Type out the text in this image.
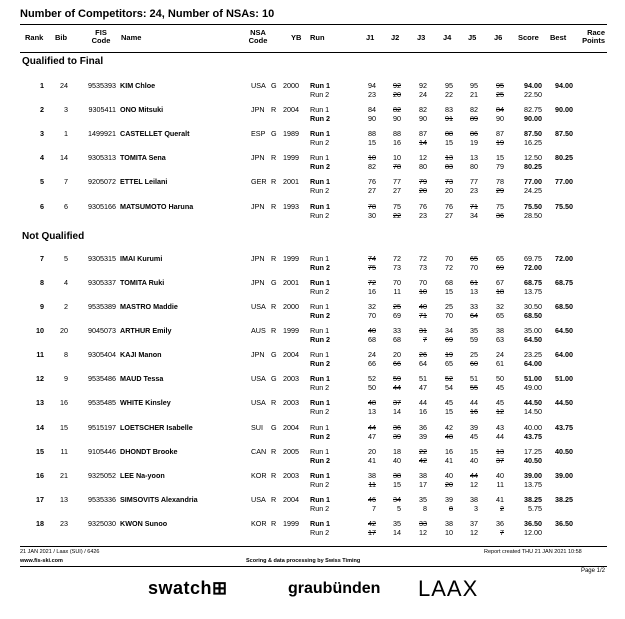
Number of Competitors: 24, Number of NSAs: 10
Rank Bib
FIS Code Name
NSA Code	YB Run	J1 J2 J3 J4 J5 J6 Score Best
Race Points
Qualified to Final
Not Qualified
1	24	9535393 KIM Chloe	USA G 2000	94.00
Run 1	94	92	92	95	95	95	94.00
Run 2	23	20	24	22	21	25	22.50
2	3	9305411 ONO Mitsuki	JPN R 2004	90.00
Run 1	84	82	82	83	82	84	82.75
Run 2	90	90	90	91	89	90	90.00
3	1	1499921 CASTELLET Queralt	ESP G 1989	87.50
Run 1	88	88	87	88	86	87	87.50
Run 2	15	16	14	15	19	19	16.25
4	14	9305313 TOMITA Sena	JPN R 1999	80.25
Run 1	10	10	12	13	13	15	12.50
Run 2	82	78	80	83	80	79	80.25
5	7	9205072 ETTEL Leilani	GER R 2001	77.00
Run 1	76	77	79	73	77	78	77.00
Run 2	27	27	20	20	23	29	24.25
6	6	9305166 MATSUMOTO Haruna	JPN R 1993	75.50
Run 1	78	75	76	76	71	75	75.50
Run 2	30	22	23	27	34	36	28.50
7	5	9305315 IMAI Kurumi	JPN R 1999	72.00
Run 1	74	72	72	70	65	65	69.75
Run 2	75	73	73	72	70	69	72.00
8	4	9305337 TOMITA Ruki	JPN G 2001	68.75
Run 1	72	70	70	68	61	67	68.75
Run 2	16	11	10	15	13	18	13.75
9	2	9535389 MASTRO Maddie	USA R 2000	68.50
Run 1	32	25	40	25	33	32	30.50
Run 2	70	69	71	70	64	65	68.50
10	20	9045073 ARTHUR Emily	AUS R 1999	64.50
Run 1	40	33	31	34	35	38	35.00
Run 2	68	68	7	69	59	63	64.50
11	8	9305404 KAJI Manon	JPN G 2004	64.00
Run 1	24	20	26	19	25	24	23.25
Run 2	66	66	64	65	60	61	64.00
12	9	9535486 MAUD Tessa	USA G 2003	51.00
Run 1	52	59	51	52	51	50	51.00
Run 2	50	44	47	54	55	45	49.00
13	16	9535485 WHITE Kinsley	USA R 2003	44.50
Run 1	48	37	44	45	44	45	44.50
Run 2	13	14	16	15	16	12	14.50
14	15	9515197 LOETSCHER Isabelle	SUI	G 2004	43.75
Run 1	44	36	36	42	39	43	40.00
Run 2	47	39	39	48	45	44	43.75
15	11	9105446 DHONDT Brooke	CAN R 2005	40.50
Run 1	20	18	22	16	15	13	17.25
Run 2	41	40	42	41	40	37	40.50
16	21	9325052 LEE Na-yoon	KOR R 2003	39.00
Run 1	38	38	38	40	44	40	39.00
Run 2	11	15	17	20	12	11	13.75
17	13	9535336 SIMSOVITS Alexandria	USA R 2004	38.25
Run 1	46	34	35	39	38	41	38.25
Run 2	7	5	8	8	3	2	5.75
18	23	9325030 KWON Sunoo	KOR R 1999	36.50
Run 1	42	35	33	38	37	36	36.50
Run 2	17	14	12	10	12	7	12.00
21 JAN 2021 / Laax (SUI) / 6426
www.fis-ski.com	Scoring & data processing by Swiss Timing
Report created THU 21 JAN 2021 10:58
Page 1/2
swatch⊞	graubünden LAAX
